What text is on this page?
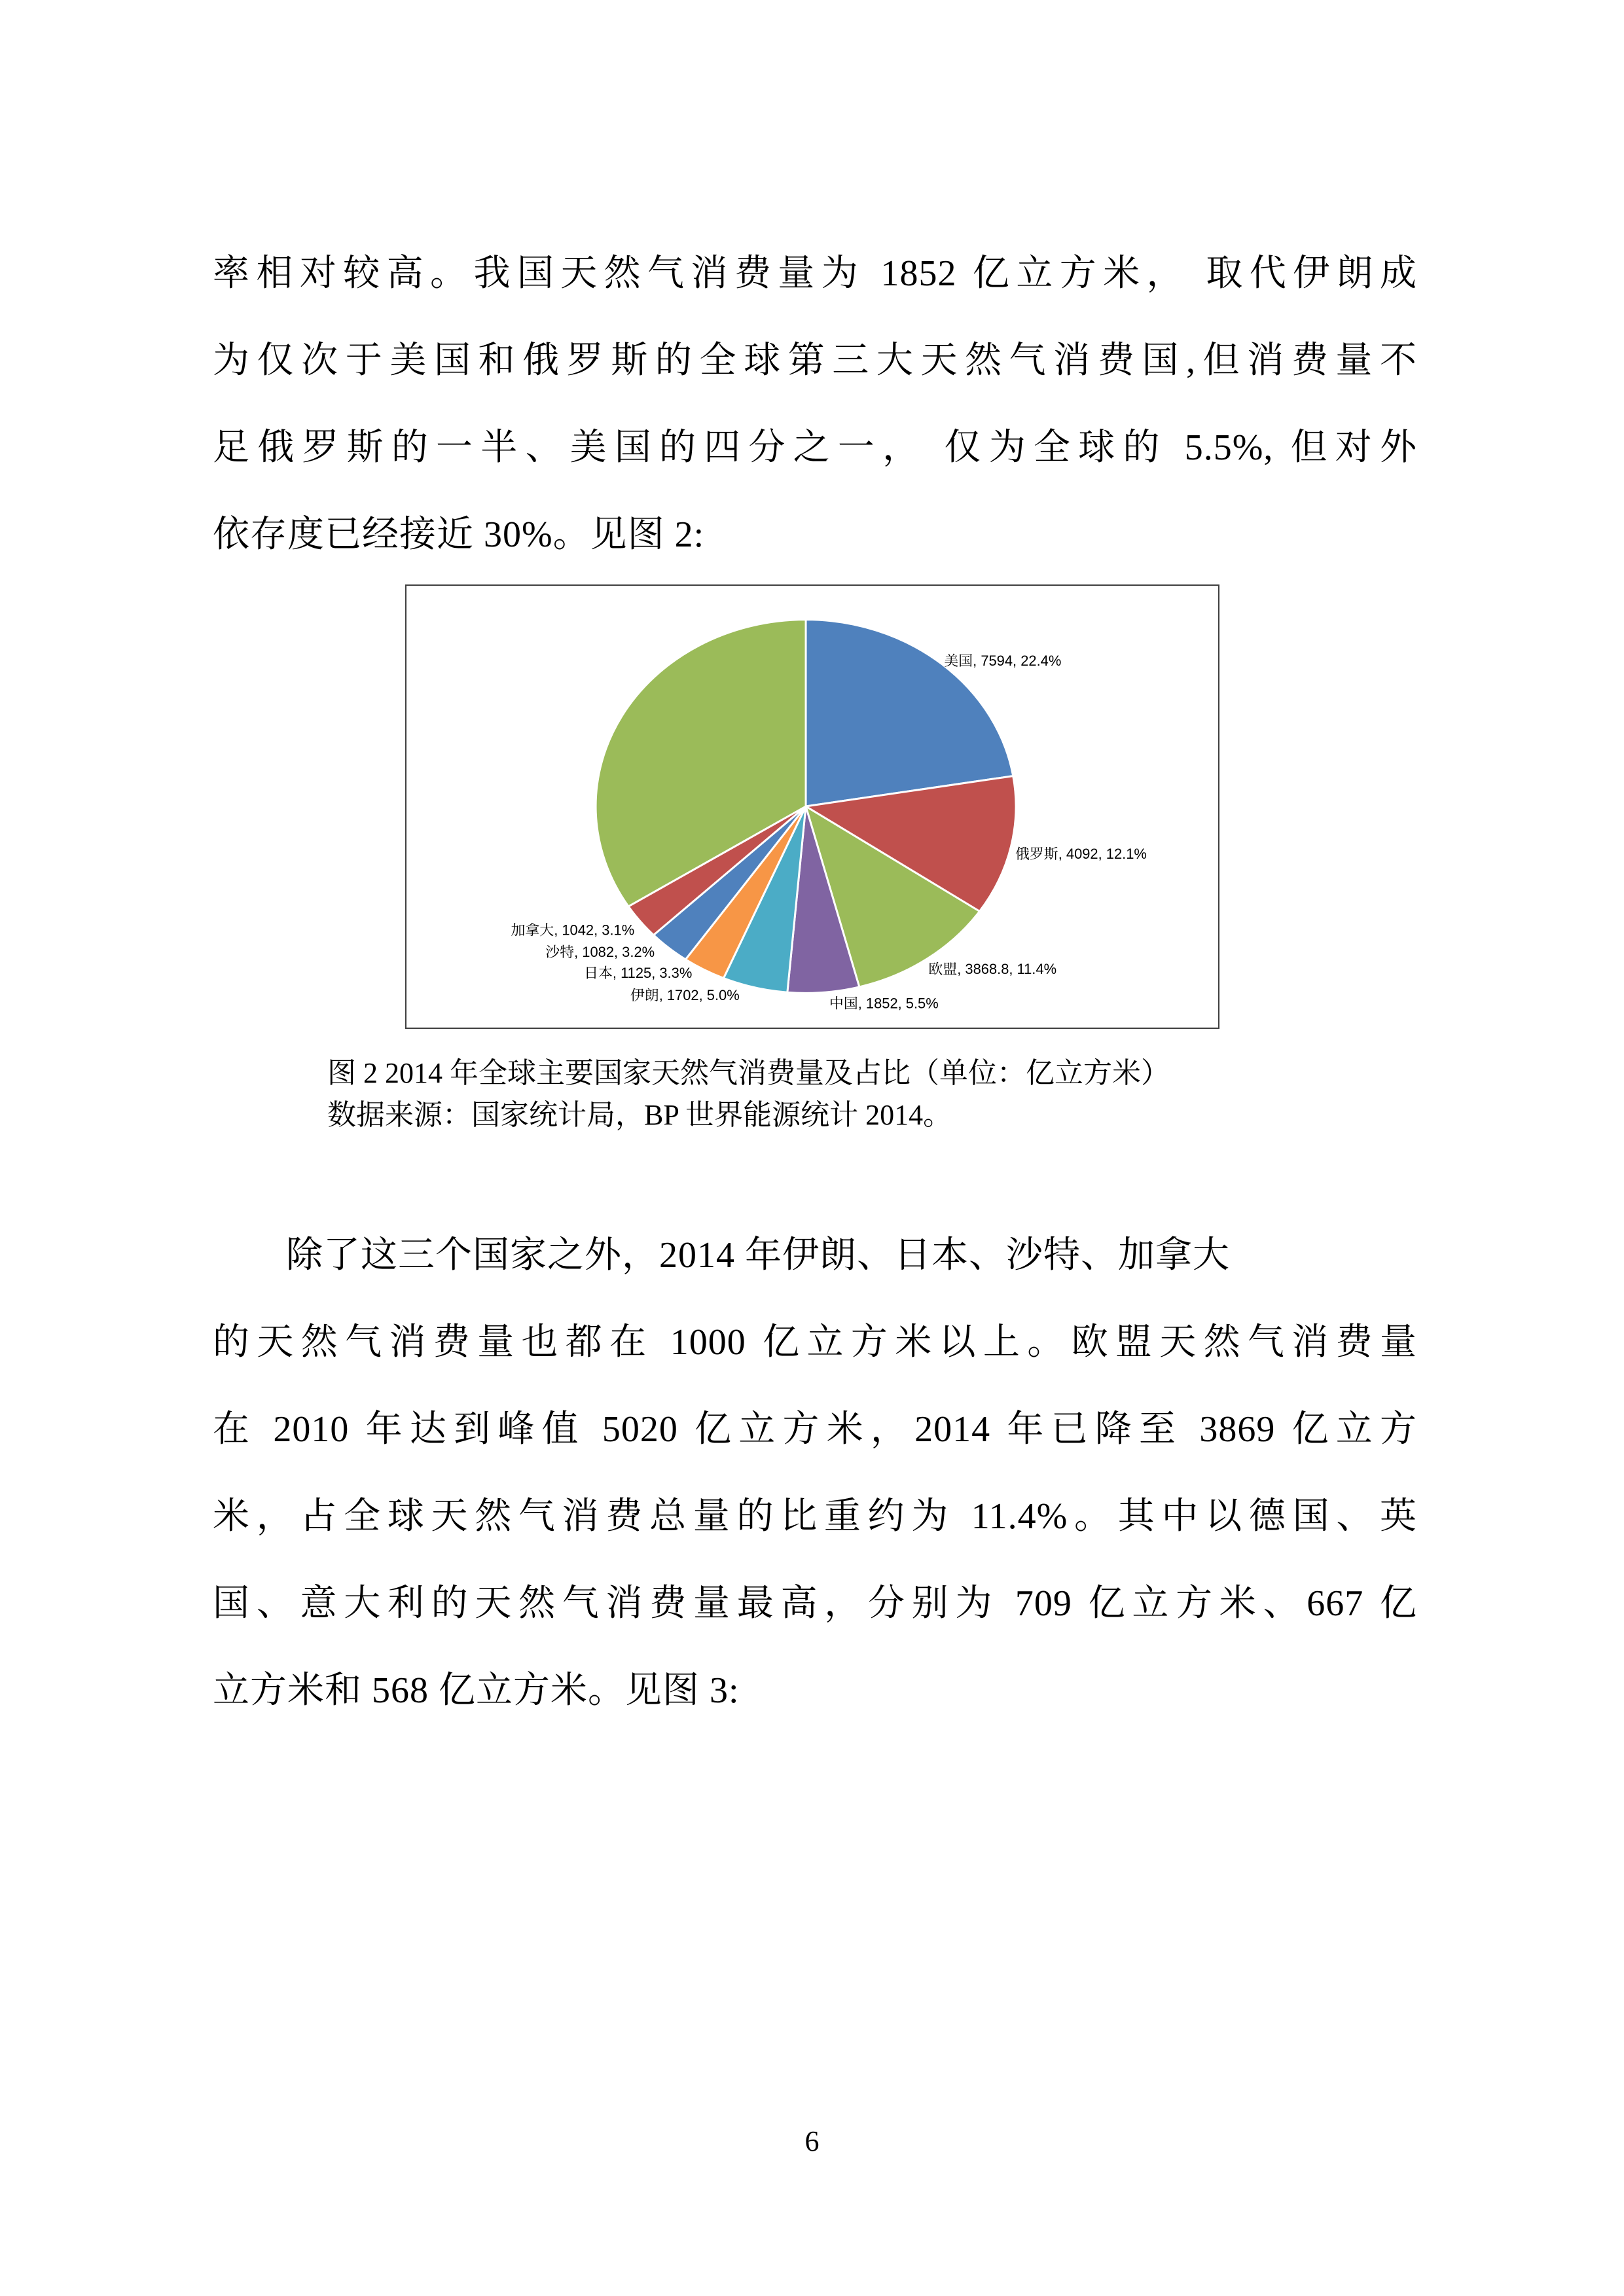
率相对较高。我国天然气消费量为 1852 亿立方米， 取代伊朗成
为仅次于美国和俄罗斯的全球第三大天然气消费国,但消费量不
足俄罗斯的一半、美国的四分之一， 仅为全球的 5.5%, 但对外
依存度已经接近 30%。见图 2:
美国, 7594, 22.4%
俄罗斯, 4092, 12.1%
欧盟, 3868.8, 11.4%
中国, 1852, 5.5%
伊朗, 1702, 5.0%
日本, 1125, 3.3%
沙特, 1082, 3.2%
加拿大, 1042, 3.1%
图 2 2014 年全球主要国家天然气消费量及占比（单位：亿立方米）
数据来源：国家统计局，BP 世界能源统计 2014。
除了这三个国家之外，2014 年伊朗、日本、沙特、加拿大
的天然气消费量也都在 1000 亿立方米以上。欧盟天然气消费量
在 2010 年达到峰值 5020 亿立方米，2014 年已降至 3869 亿立方
米，占全球天然气消费总量的比重约为 11.4%。其中以德国、英
国、意大利的天然气消费量最高，分别为 709 亿立方米、667 亿
立方米和 568 亿立方米。见图 3:
6
